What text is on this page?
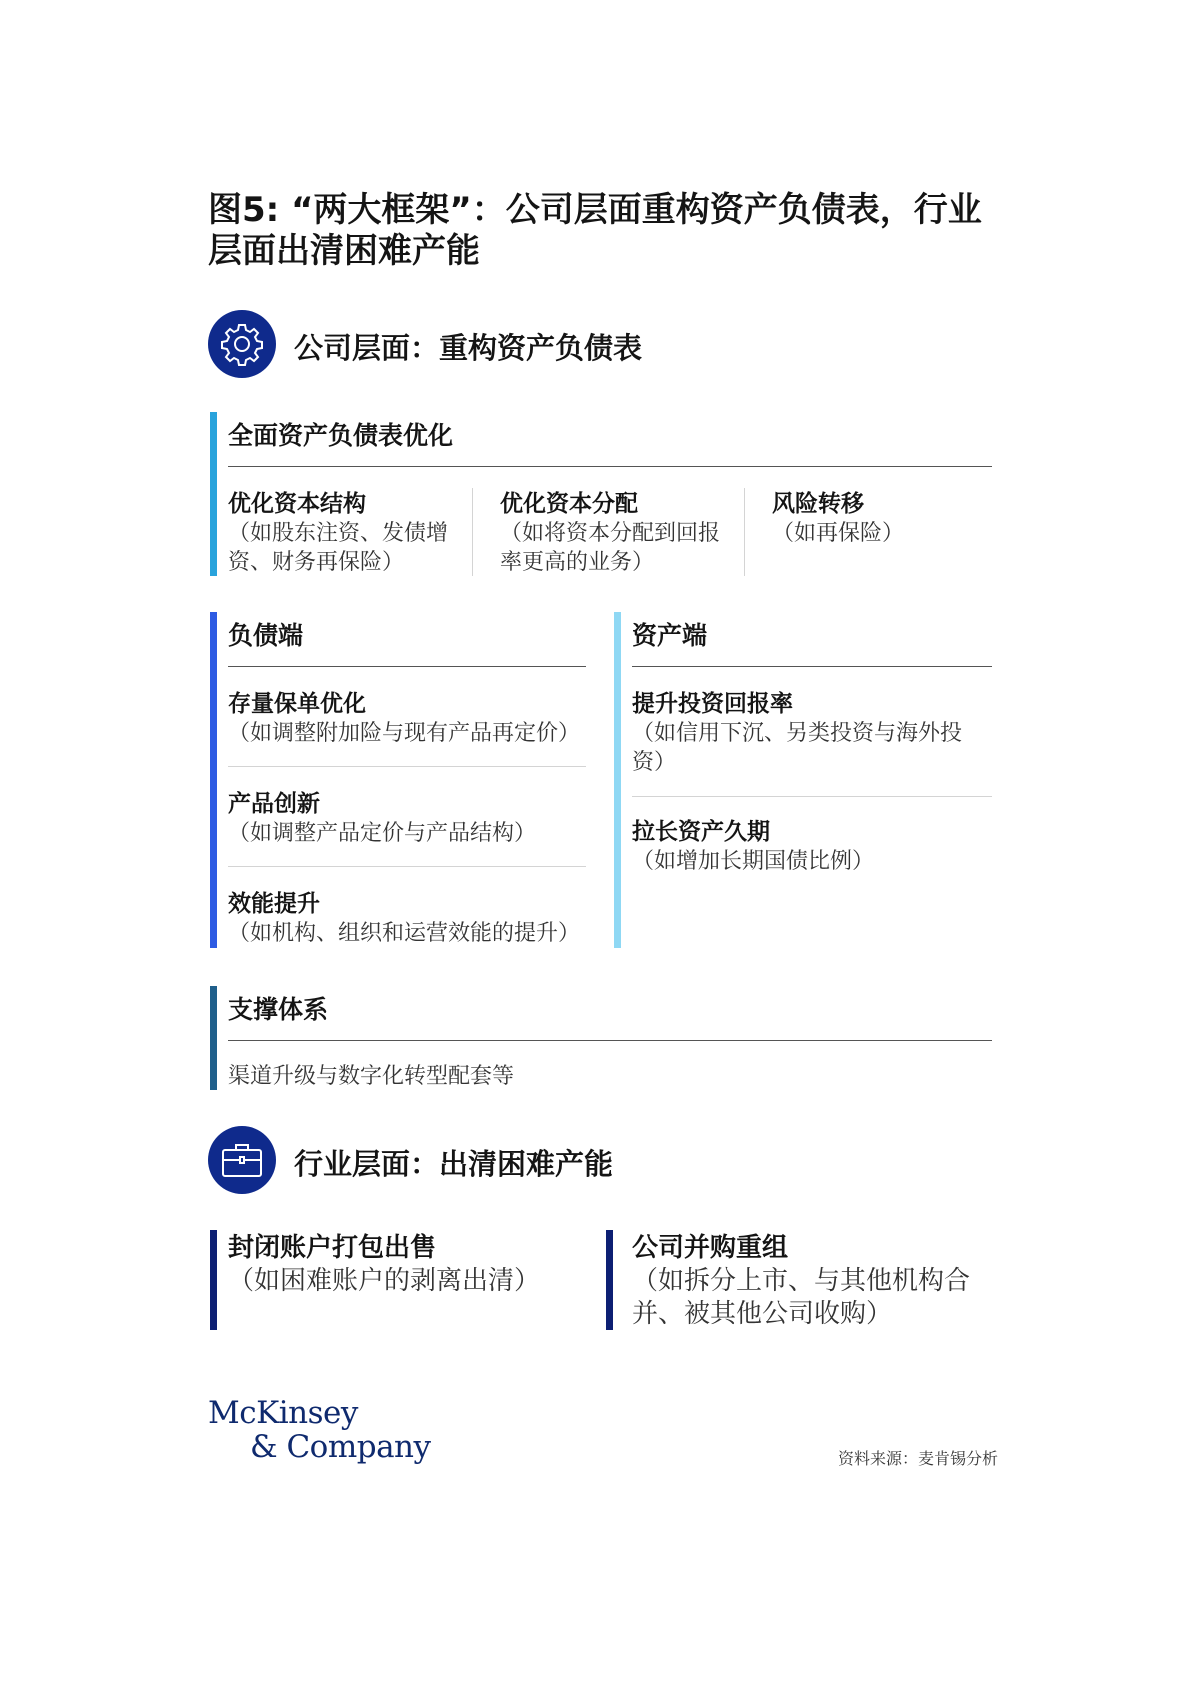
图5: “两大框架”：公司层面重构资产负债表，行业层面出清困难产能
公司层面：重构资产负债表
全面资产负债表优化
优化资本结构
（如股东注资、发债增资、财务再保险）
优化资本分配
（如将资本分配到回报率更高的业务）
风险转移
（如再保险）
负债端
存量保单优化
（如调整附加险与现有产品再定价）
产品创新
（如调整产品定价与产品结构）
效能提升
（如机构、组织和运营效能的提升）
资产端
提升投资回报率
（如信用下沉、另类投资与海外投资）
拉长资产久期
（如增加长期国债比例）
支撑体系
渠道升级与数字化转型配套等
行业层面：出清困难产能
封闭账户打包出售
（如困难账户的剥离出清）
公司并购重组
（如拆分上市、与其他机构合并、被其他公司收购）
McKinsey
& Company	资料来源：麦肯锡分析
